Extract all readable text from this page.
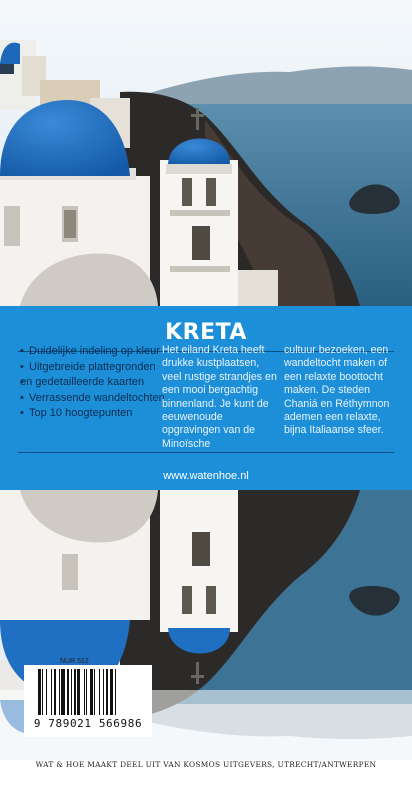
KRETA
• Duidelijke indeling op kleur
• Uitgebreide plattegronden
• en gedetailleerde kaarten
• Verrassende wandeltochten
• Top 10 hoogtepunten

Het eiland Kreta heeft drukke kustplaatsen, veel rustige strandjes en een mooi bergachtig binnenland. Je kunt de eeuwenoude opgravingen van de Minoïsche

cultuur bezoeken, een wandeltocht maken of een relaxte boottocht maken. De steden Chaniá en Réthymnon ademen een relaxte, bijna Italiaanse sfeer.

www.watenhoe.nl
NUR 512
9 789021 566986
WAT & HOE MAAKT DEEL UIT VAN KOSMOS UITGEVERS, UTRECHT/ANTWERPEN
